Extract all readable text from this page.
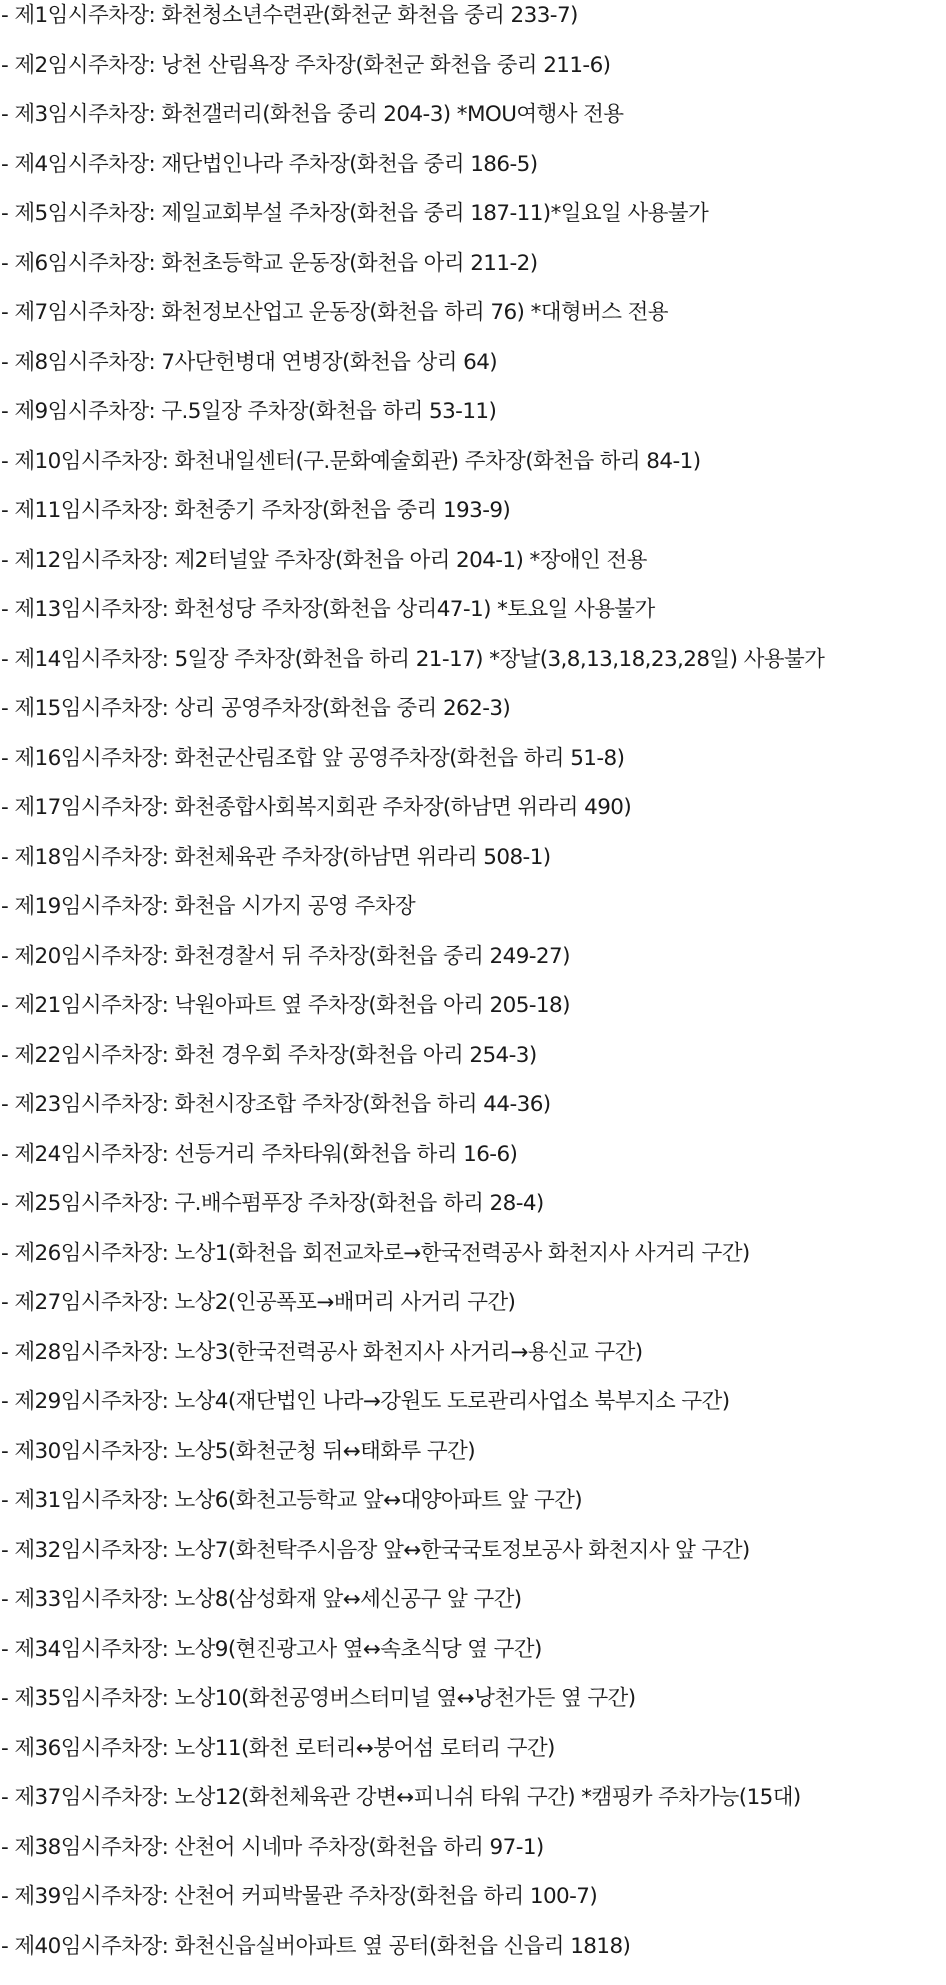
- 제1임시주차장: 화천청소년수련관(화천군 화천읍 중리 233-7)
- 제2임시주차장: 낭천 산림욕장 주차장(화천군 화천읍 중리 211-6)
- 제3임시주차장: 화천갤러리(화천읍 중리 204-3) *MOU여행사 전용
- 제4임시주차장: 재단법인나라 주차장(화천읍 중리 186-5)
- 제5임시주차장: 제일교회부설 주차장(화천읍 중리 187-11)*일요일 사용불가
- 제6임시주차장: 화천초등학교 운동장(화천읍 아리 211-2)
- 제7임시주차장: 화천정보산업고 운동장(화천읍 하리 76) *대형버스 전용
- 제8임시주차장: 7사단헌병대 연병장(화천읍 상리 64)
- 제9임시주차장: 구.5일장 주차장(화천읍 하리 53-11)
- 제10임시주차장: 화천내일센터(구.문화예술회관) 주차장(화천읍 하리 84-1)
- 제11임시주차장: 화천중기 주차장(화천읍 중리 193-9)
- 제12임시주차장: 제2터널앞 주차장(화천읍 아리 204-1) *장애인 전용
- 제13임시주차장: 화천성당 주차장(화천읍 상리47-1) *토요일 사용불가
- 제14임시주차장: 5일장 주차장(화천읍 하리 21-17) *장날(3,8,13,18,23,28일) 사용불가
- 제15임시주차장: 상리 공영주차장(화천읍 중리 262-3)
- 제16임시주차장: 화천군산림조합 앞 공영주차장(화천읍 하리 51-8)
- 제17임시주차장: 화천종합사회복지회관 주차장(하남면 위라리 490)
- 제18임시주차장: 화천체육관 주차장(하남면 위라리 508-1)
- 제19임시주차장: 화천읍 시가지 공영 주차장
- 제20임시주차장: 화천경찰서 뒤 주차장(화천읍 중리 249-27)
- 제21임시주차장: 낙원아파트 옆 주차장(화천읍 아리 205-18)
- 제22임시주차장: 화천 경우회 주차장(화천읍 아리 254-3)
- 제23임시주차장: 화천시장조합 주차장(화천읍 하리 44-36)
- 제24임시주차장: 선등거리 주차타워(화천읍 하리 16-6)
- 제25임시주차장: 구.배수펌푸장 주차장(화천읍 하리 28-4)
- 제26임시주차장: 노상1(화천읍 회전교차로→한국전력공사 화천지사 사거리 구간)
- 제27임시주차장: 노상2(인공폭포→배머리 사거리 구간)
- 제28임시주차장: 노상3(한국전력공사 화천지사 사거리→용신교 구간)
- 제29임시주차장: 노상4(재단법인 나라→강원도 도로관리사업소 북부지소 구간)
- 제30임시주차장: 노상5(화천군청 뒤↔태화루 구간)
- 제31임시주차장: 노상6(화천고등학교 앞↔대양아파트 앞 구간)
- 제32임시주차장: 노상7(화천탁주시음장 앞↔한국국토정보공사 화천지사 앞 구간)
- 제33임시주차장: 노상8(삼성화재 앞↔세신공구 앞 구간)
- 제34임시주차장: 노상9(현진광고사 옆↔속초식당 옆 구간)
- 제35임시주차장: 노상10(화천공영버스터미널 옆↔낭천가든 옆 구간)
- 제36임시주차장: 노상11(화천 로터리↔붕어섬 로터리 구간)
- 제37임시주차장: 노상12(화천체육관 강변↔피니쉬 타워 구간) *캠핑카 주차가능(15대)
- 제38임시주차장: 산천어 시네마 주차장(화천읍 하리 97-1)
- 제39임시주차장: 산천어 커피박물관 주차장(화천읍 하리 100-7)
- 제40임시주차장: 화천신읍실버아파트 옆 공터(화천읍 신읍리 1818)
